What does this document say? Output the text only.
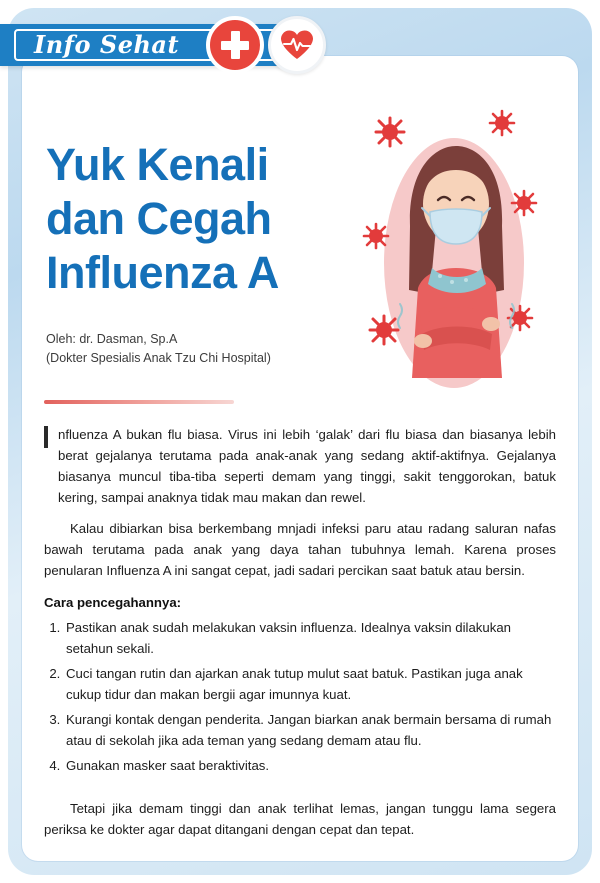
Info Sehat
Yuk Kenali
dan Cegah
Influenza A
Oleh: dr. Dasman, Sp.A
(Dokter Spesialis Anak Tzu Chi Hospital)
nfluenza A bukan flu biasa. Virus ini lebih ‘galak’ dari flu biasa dan biasanya lebih berat gejalanya terutama pada anak-anak yang sedang aktif-aktifnya. Gejalanya biasanya muncul tiba-tiba seperti demam yang tinggi, sakit tenggorokan, batuk kering, sampai anaknya tidak mau makan dan rewel.
Kalau dibiarkan bisa berkembang mnjadi infeksi paru atau radang saluran nafas bawah terutama pada anak yang daya tahan tubuhnya lemah. Karena proses penularan Influenza A ini sangat cepat, jadi sadari percikan saat batuk atau bersin.
Cara pencegahannya:
1. Pastikan anak sudah melakukan vaksin influenza. Idealnya vaksin dilakukan setahun sekali.
2. Cuci tangan rutin dan ajarkan anak tutup mulut saat batuk. Pastikan juga anak cukup tidur dan makan bergii agar imunnya kuat.
3. Kurangi kontak dengan penderita. Jangan biarkan anak bermain bersama di rumah atau di sekolah jika ada teman yang sedang demam atau flu.
4. Gunakan masker saat beraktivitas.
Tetapi jika demam tinggi dan anak terlihat lemas, jangan tunggu lama segera periksa ke dokter agar dapat ditangani dengan cepat dan tepat.
